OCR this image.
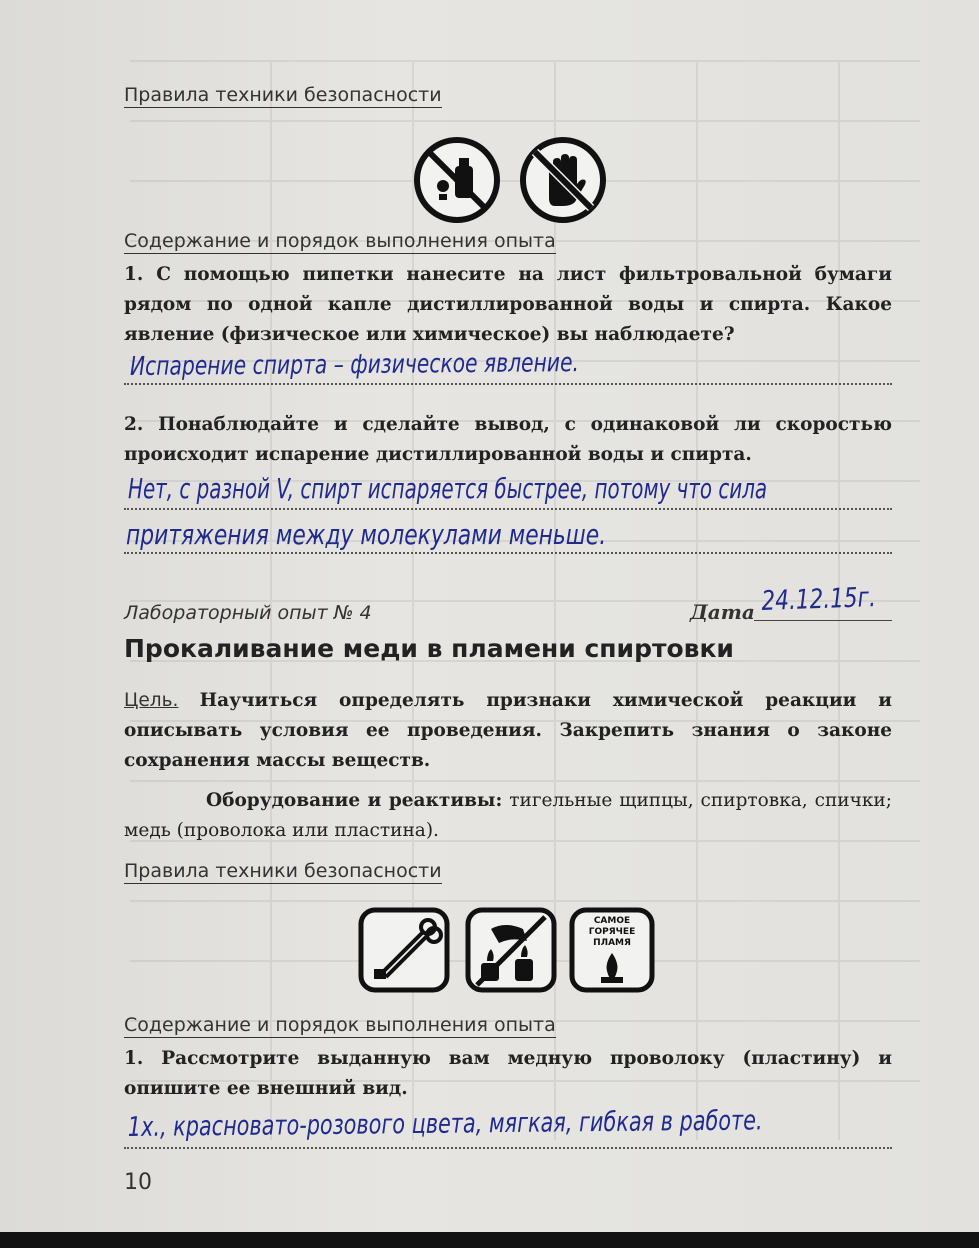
Правила техники безопасности
Содержание и порядок выполнения опыта
1. С помощью пипетки нанесите на лист фильтровальной бумаги рядом по одной капле дистиллированной воды и спирта. Какое явление (физическое или химическое) вы наблюдаете?
Испарение спирта – физическое явление.
2. Понаблюдайте и сделайте вывод, с одинаковой ли скоростью происходит испарение дистиллированной воды и спирта.
Нет, с разной V, спирт испаряется быстрее, потому что сила
притяжения между молекулами меньше.
Лабораторный опыт № 4	Дата 24.12.15г.
Прокаливание меди в пламени спиртовки
Цель. Научиться определять признаки химической реакции и описывать условия ее проведения. Закрепить знания о законе сохранения массы веществ.
Оборудование и реактивы: тигельные щипцы, спиртовка, спички; медь (проволока или пластина).
Правила техники безопасности
САМОЕ
ГОРЯЧЕЕ
ПЛАМЯ
Содержание и порядок выполнения опыта
1. Рассмотрите выданную вам медную проволоку (пластину) и опишите ее внешний вид.
1х., красновато-розового цвета, мягкая, гибкая в работе.
10
